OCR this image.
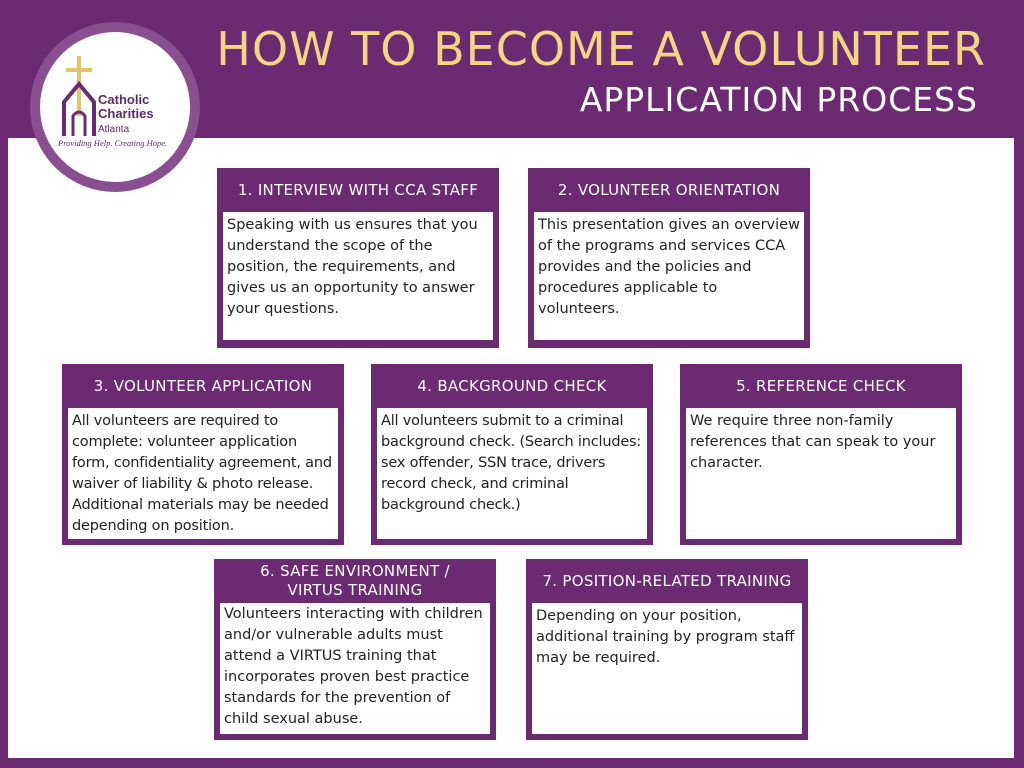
HOW TO BECOME A VOLUNTEER
APPLICATION PROCESS
Catholic
Charities
Atlanta
Providing Help. Creating Hope.
1. INTERVIEW WITH CCA STAFF
Speaking with us ensures that you understand the scope of the position, the requirements, and gives us an opportunity to answer your questions.
2. VOLUNTEER ORIENTATION
This presentation gives an overview of the programs and services CCA provides and the policies and procedures applicable to volunteers.
3. VOLUNTEER APPLICATION
All volunteers are required to complete: volunteer application form, confidentiality agreement, and waiver of liability & photo release. Additional materials may be needed depending on position.
4. BACKGROUND CHECK
All volunteers submit to a criminal background check. (Search includes: sex offender, SSN trace, drivers record check, and criminal background check.)
5. REFERENCE CHECK
We require three non-family references that can speak to your character.
6. SAFE ENVIRONMENT / VIRTUS TRAINING
Volunteers interacting with children and/or vulnerable adults must attend a VIRTUS training that incorporates proven best practice standards for the prevention of child sexual abuse.
7. POSITION-RELATED TRAINING
Depending on your position, additional training by program staff may be required.
